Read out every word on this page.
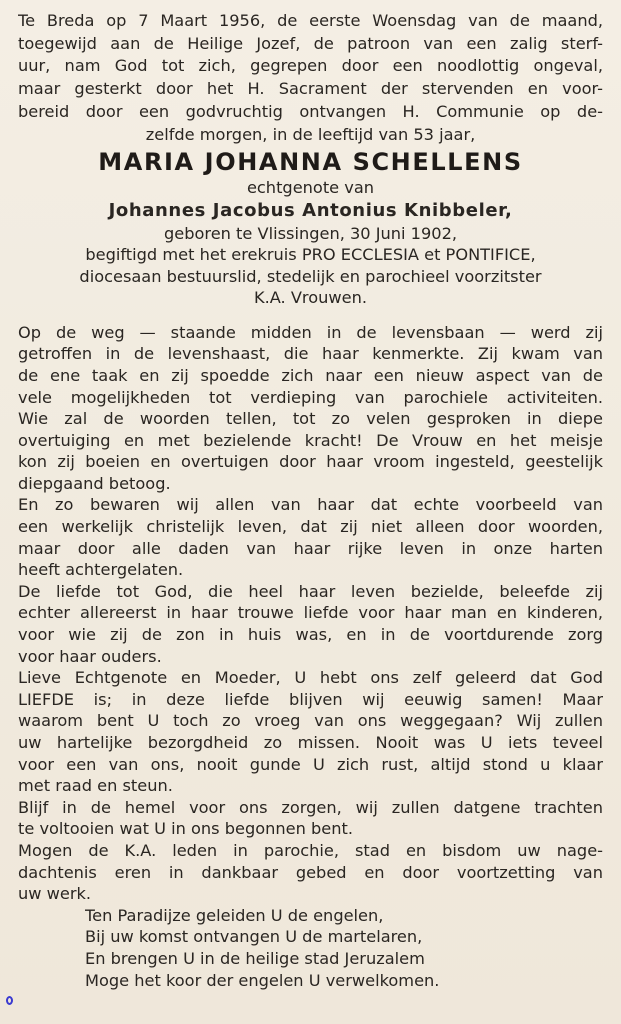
Te Breda op 7 Maart 1956, de eerste Woensdag van de maand,
toegewijd aan de Heilige Jozef, de patroon van een zalig sterf-
uur, nam God tot zich, gegrepen door een noodlottig ongeval,
maar gesterkt door het H. Sacrament der stervenden en voor-
bereid door een godvruchtig ontvangen H. Communie op de-
zelfde morgen, in de leeftijd van 53 jaar,
MARIA JOHANNA SCHELLENS
echtgenote van
Johannes Jacobus Antonius Knibbeler,
geboren te Vlissingen, 30 Juni 1902,
begiftigd met het erekruis PRO ECCLESIA et PONTIFICE,
diocesaan bestuurslid, stedelijk en parochieel voorzitster
K.A. Vrouwen.
Op de weg — staande midden in de levensbaan — werd zij
getroffen in de levenshaast, die haar kenmerkte. Zij kwam van
de ene taak en zij spoedde zich naar een nieuw aspect van de
vele mogelijkheden tot verdieping van parochiele activiteiten.
Wie zal de woorden tellen, tot zo velen gesproken in diepe
overtuiging en met bezielende kracht! De Vrouw en het meisje
kon zij boeien en overtuigen door haar vroom ingesteld, geestelijk
diepgaand betoog.
En zo bewaren wij allen van haar dat echte voorbeeld van
een werkelijk christelijk leven, dat zij niet alleen door woorden,
maar door alle daden van haar rijke leven in onze harten
heeft achtergelaten.
De liefde tot God, die heel haar leven bezielde, beleefde zij
echter allereerst in haar trouwe liefde voor haar man en kinderen,
voor wie zij de zon in huis was, en in de voortdurende zorg
voor haar ouders.
Lieve Echtgenote en Moeder, U hebt ons zelf geleerd dat God
LIEFDE is; in deze liefde blijven wij eeuwig samen! Maar
waarom bent U toch zo vroeg van ons weggegaan? Wij zullen
uw hartelijke bezorgdheid zo missen. Nooit was U iets teveel
voor een van ons, nooit gunde U zich rust, altijd stond u klaar
met raad en steun.
Blijf in de hemel voor ons zorgen, wij zullen datgene trachten
te voltooien wat U in ons begonnen bent.
Mogen de K.A. leden in parochie, stad en bisdom uw nage-
dachtenis eren in dankbaar gebed en door voortzetting van
uw werk.
Ten Paradijze geleiden U de engelen,
Bij uw komst ontvangen U de martelaren,
En brengen U in de heilige stad Jeruzalem
Moge het koor der engelen U verwelkomen.
